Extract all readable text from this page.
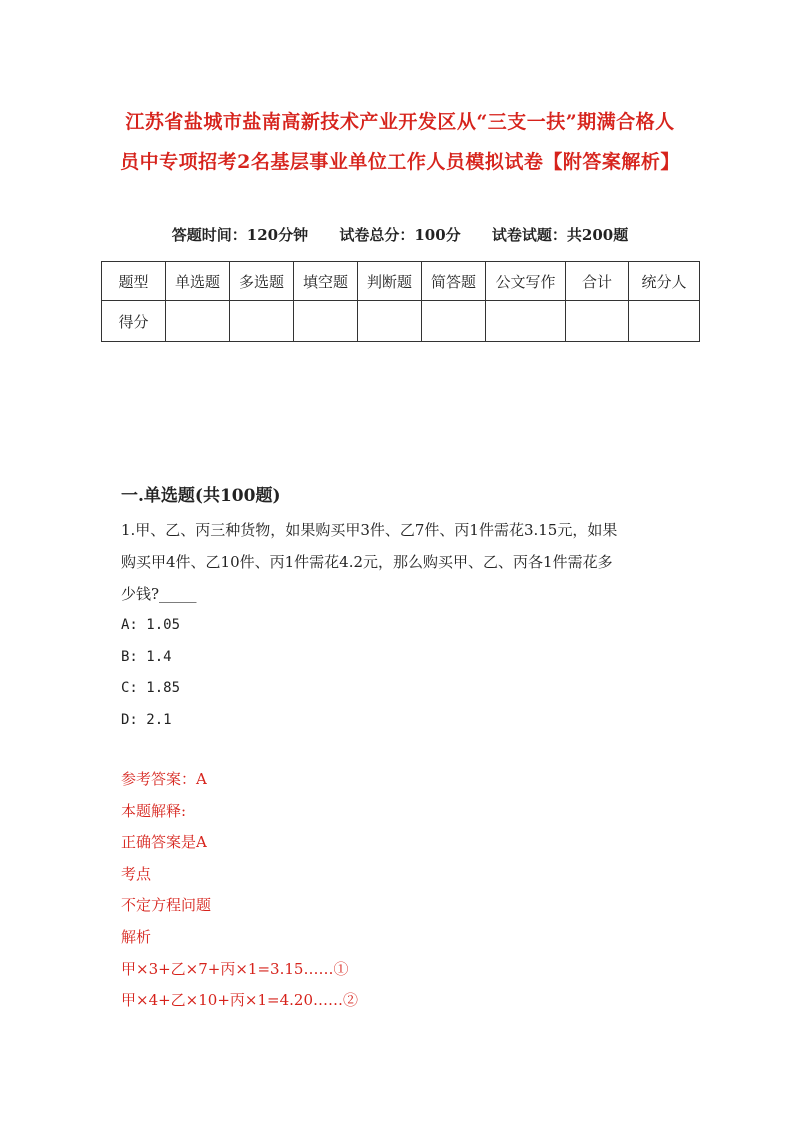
江苏省盐城市盐南高新技术产业开发区从“三支一扶”期满合格人
员中专项招考2名基层事业单位工作人员模拟试卷【附答案解析】
答题时间：120分钟 试卷总分：100分 试卷试题：共200题
题型	单选题	多选题	填空题	判断题	简答题	公文写作	合计	统分人
得分								
一.单选题(共100题)

1.甲、乙、丙三种货物，如果购买甲3件、乙7件、丙1件需花3.15元，如果

购买甲4件、乙10件、丙1件需花4.2元，那么购买甲、乙、丙各1件需花多

少钱?_____

A: 1.05
B: 1.4
C: 1.85
D: 2.1
参考答案：A
本题解释:
正确答案是A
考点
不定方程问题
解析
甲×3+乙×7+丙×1=3.15……①
甲×4+乙×10+丙×1=4.20……②
